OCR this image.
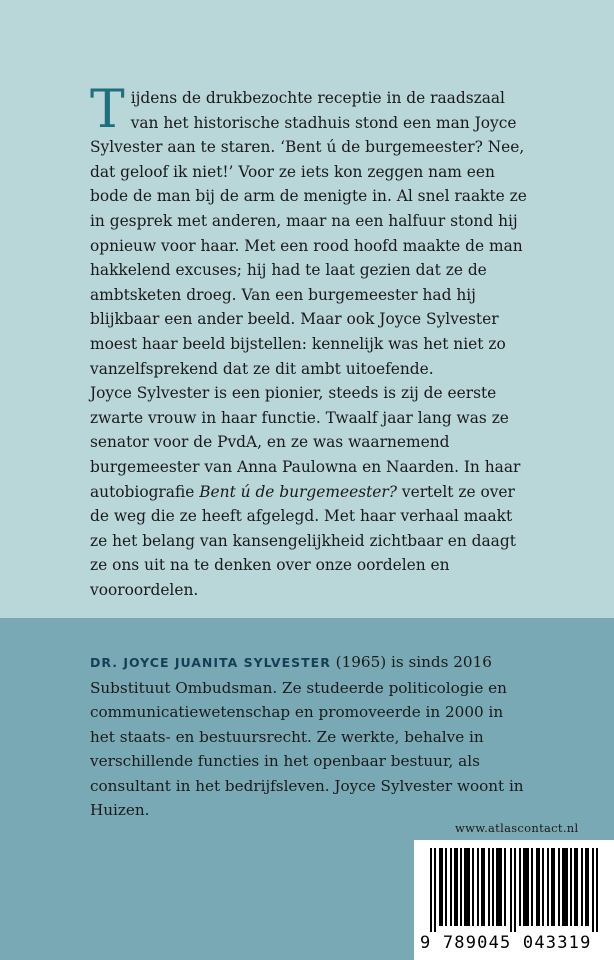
Tijdens de drukbezochte receptie in de raadszaal van het historische stadhuis stond een man Joyce Sylvester aan te staren. ‘Bent ú de burgemeester? Nee, dat geloof ik niet!’ Voor ze iets kon zeggen nam een bode de man bij de arm de menigte in. Al snel raakte ze in gesprek met anderen, maar na een halfuur stond hij opnieuw voor haar. Met een rood hoofd maakte de man hakkelend excuses; hij had te laat gezien dat ze de ambtsketen droeg. Van een burgemeester had hij blijkbaar een ander beeld. Maar ook Joyce Sylvester moest haar beeld bijstellen: kennelijk was het niet zo vanzelfsprekend dat ze dit ambt uitoefende.

Joyce Sylvester is een pionier, steeds is zij de eerste zwarte vrouw in haar functie. Twaalf jaar lang was ze senator voor de PvdA, en ze was waarnemend burgemeester van Anna Paulowna en Naarden. In haar autobiografie Bent ú de burgemeester? vertelt ze over de weg die ze heeft afgelegd. Met haar verhaal maakt ze het belang van kansengelijkheid zichtbaar en daagt ze ons uit na te denken over onze oordelen en vooroordelen.

DR. JOYCE JUANITA SYLVESTER (1965) is sinds 2016 Substituut Ombudsman. Ze studeerde politicologie en communicatiewetenschap en promoveerde in 2000 in het staats- en bestuursrecht. Ze werkte, behalve in verschillende functies in het openbaar bestuur, als consultant in het bedrijfsleven. Joyce Sylvester woont in Huizen.
www.atlascontact.nl
9 789045 043319
